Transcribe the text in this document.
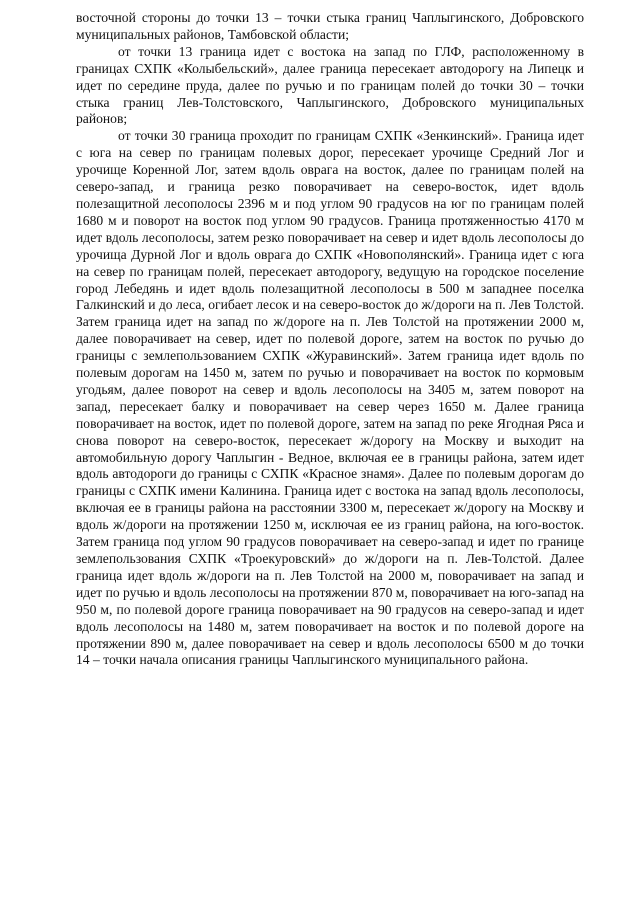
восточной стороны до точки 13 – точки стыка границ Чаплыгинского, Добровского муниципальных районов, Тамбовской области;

от точки 13 граница идет с востока на запад по ГЛФ, расположенному в границах СХПК «Колыбельский», далее граница пересекает автодорогу на Липецк и идет по середине пруда, далее по ручью и по границам полей до точки 30 – точки стыка границ Лев-Толстовского, Чаплыгинского, Добровского муниципальных районов;

от точки 30 граница проходит по границам СХПК «Зенкинский». Граница идет с юга на север по границам полевых дорог, пересекает урочище Средний Лог и урочище Коренной Лог, затем вдоль оврага на восток, далее по границам полей на северо-запад, и граница резко поворачивает на северо-восток, идет вдоль полезащитной лесополосы 2396 м и под углом 90 градусов на юг по границам полей 1680 м и поворот на восток под углом 90 градусов. Граница протяженностью 4170 м идет вдоль лесополосы, затем резко поворачивает на север и идет вдоль лесополосы до урочища Дурной Лог и вдоль оврага до СХПК «Новополянский». Граница идет с юга на север по границам полей, пересекает автодорогу, ведущую на городское поселение город Лебедянь и идет вдоль полезащитной лесополосы в 500 м западнее поселка Галкинский и до леса, огибает лесок и на северо-восток до ж/дороги на п. Лев Толстой. Затем граница идет на запад по ж/дороге на п. Лев Толстой на протяжении 2000 м, далее поворачивает на север, идет по полевой дороге, затем на восток по ручью до границы с землепользованием СХПК «Журавинский». Затем граница идет вдоль по полевым дорогам на 1450 м, затем по ручью и поворачивает на восток по кормовым угодьям, далее поворот на север и вдоль лесополосы на 3405 м, затем поворот на запад, пересекает балку и поворачивает на север через 1650 м. Далее граница поворачивает на восток, идет по полевой дороге, затем на запад по реке Ягодная Ряса и снова поворот на северо-восток, пересекает ж/дорогу на Москву и выходит на автомобильную дорогу Чаплыгин - Ведное, включая ее в границы района, затем идет вдоль автодороги до границы с СХПК «Красное знамя». Далее по полевым дорогам до границы с СХПК имени Калинина. Граница идет с востока на запад вдоль лесополосы, включая ее в границы района на расстоянии 3300 м, пересекает ж/дорогу на Москву и вдоль ж/дороги на протяжении 1250 м, исключая ее из границ района, на юго-восток. Затем граница под углом 90 градусов поворачивает на северо-запад и идет по границе землепользования СХПК «Троекуровский» до ж/дороги на п. Лев-Толстой. Далее граница идет вдоль ж/дороги на п. Лев Толстой на 2000 м, поворачивает на запад и идет по ручью и вдоль лесополосы на протяжении 870 м, поворачивает на юго-запад на 950 м, по полевой дороге граница поворачивает на 90 градусов на северо-запад и идет вдоль лесополосы на 1480 м, затем поворачивает на восток и по полевой дороге на протяжении 890 м, далее поворачивает на север и вдоль лесополосы 6500 м до точки 14 – точки начала описания границы Чаплыгинского муниципального района.
